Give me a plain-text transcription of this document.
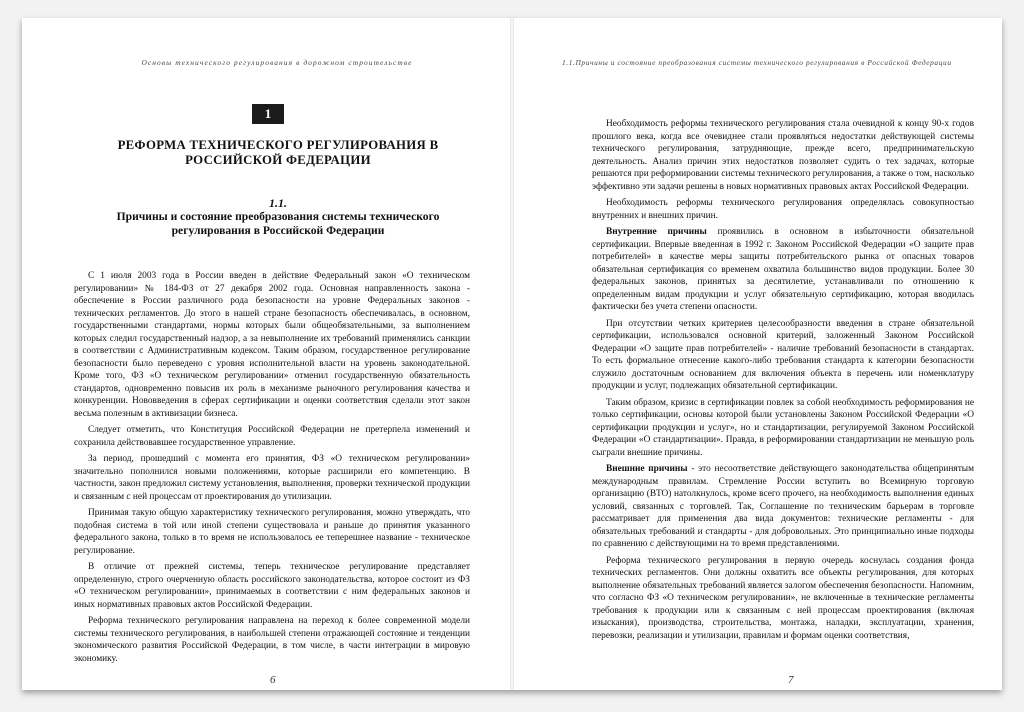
Основы технического регулирования в дорожном строительстве
1
РЕФОРМА ТЕХНИЧЕСКОГО РЕГУЛИРОВАНИЯ В РОССИЙСКОЙ ФЕДЕРАЦИИ
1.1.
Причины и состояние преобразования системы технического регулирования в Российской Федерации

С 1 июля 2003 года в России введен в действие Федеральный закон «О техническом регулировании» № 184-ФЗ от 27 декабря 2002 года. Основная направленность закона - обеспечение в России различного рода безопасности на уровне Федеральных законов - технических регламентов. До этого в нашей стране безопасность обеспечивалась, в основном, государственными стандартами, нормы которых были общеобязательными, за выполнением которых следил государственный надзор, а за невыполнение их требований применялись санкции в соответствии с Административным кодексом. Таким образом, государственное регулирование безопасности было переведено с уровня исполнительной власти на уровень законодательной. Кроме того, ФЗ «О техническом регулировании» отменил государственную обязательность стандартов, одновременно повысив их роль в механизме рыночного регулирования качества и конкуренции. Нововведения в сферах сертификации и оценки соответствия сделали этот закон весьма полезным в активизации бизнеса.

Следует отметить, что Конституция Российской Федерации не претерпела изменений и сохранила действовавшее государственное управление.

За период, прошедший с момента его принятия, ФЗ «О техническом регулировании» значительно пополнился новыми положениями, которые расширили его компетенцию. В частности, закон предложил систему установления, выполнения, проверки технической продукции и связанным с ней процессам от проектирования до утилизации.

Принимая такую общую характеристику технического регулирования, можно утверждать, что подобная система в той или иной степени существовала и раньше до принятия указанного федерального закона, только в то время не использовалось ее теперешнее название - техническое регулирование.

В отличие от прежней системы, теперь техническое регулирование представляет определенную, строго очерченную область российского законодательства, которое состоит из ФЗ «О техническом регулировании», принимаемых в соответствии с ним федеральных законов и иных нормативных правовых актов Российской Федерации.

Реформа технического регулирования направлена на переход к более современной модели системы технического регулирования, в наибольшей степени отражающей состояние и тенденции экономического развития Российской Федерации, в том числе, в части интеграции в мировую экономику.

6
1.1.Причины и состояние преобразования системы технического регулирования в Российской Федерации

Необходимость реформы технического регулирования стала очевидной к концу 90-х годов прошлого века, когда все очевиднее стали проявляться недостатки действующей системы технического регулирования, затрудняющие, прежде всего, предпринимательскую деятельность. Анализ причин этих недостатков позволяет судить о тех задачах, которые решаются при реформировании системы технического регулирования, а также о том, насколько эффективно эти задачи решены в новых нормативных правовых актах Российской Федерации.

Необходимость реформы технического регулирования определялась совокупностью внутренних и внешних причин.

Внутренние причины проявились в основном в избыточности обязательной сертификации. Впервые введенная в 1992 г. Законом Российской Федерации «О защите прав потребителей» в качестве меры защиты потребительского рынка от опасных товаров обязательная сертификация со временем охватила большинство видов продукции. Более 30 федеральных законов, принятых за десятилетие, устанавливали по отношению к определенным видам продукции и услуг обязательную сертификацию, которая вводилась фактически без учета степени опасности.

При отсутствии четких критериев целесообразности введения в стране обязательной сертификации, использовался основной критерий, заложенный Законом Российской Федерации «О защите прав потребителей» - наличие требований безопасности в стандартах. То есть формальное отнесение какого-либо требования стандарта к категории безопасности служило достаточным основанием для включения объекта в перечень или номенклатуру продукции и услуг, подлежащих обязательной сертификации.

Таким образом, кризис в сертификации повлек за собой необходимость реформирования не только сертификации, основы которой были установлены Законом Российской Федерации «О сертификации продукции и услуг», но и стандартизации, регулируемой Законом Российской Федерации «О стандартизации». Правда, в реформировании стандартизации не меньшую роль сыграли внешние причины.

Внешние причины - это несоответствие действующего законодательства общепринятым международным правилам. Стремление России вступить во Всемирную торговую организацию (ВТО) натолкнулось, кроме всего прочего, на необходимость выполнения единых условий, связанных с торговлей. Так, Соглашение по техническим барьерам в торговле рассматривает для применения два вида документов: технические регламенты - для обязательных требований и стандарты - для добровольных. Это принципиально иные подходы по сравнению с действующими на то время представлениями.

Реформа технического регулирования в первую очередь коснулась создания фонда технических регламентов. Они должны охватить все объекты регулирования, для которых выполнение обязательных требований является залогом обеспечения безопасности. Напомним, что согласно ФЗ «О техническом регулировании», не включенные в технические регламенты требования к продукции или к связанным с ней процессам проектирования (включая изыскания), производства, строительства, монтажа, наладки, эксплуатации, хранения, перевозки, реализации и утилизации, правилам и формам оценки соответствия,

7
